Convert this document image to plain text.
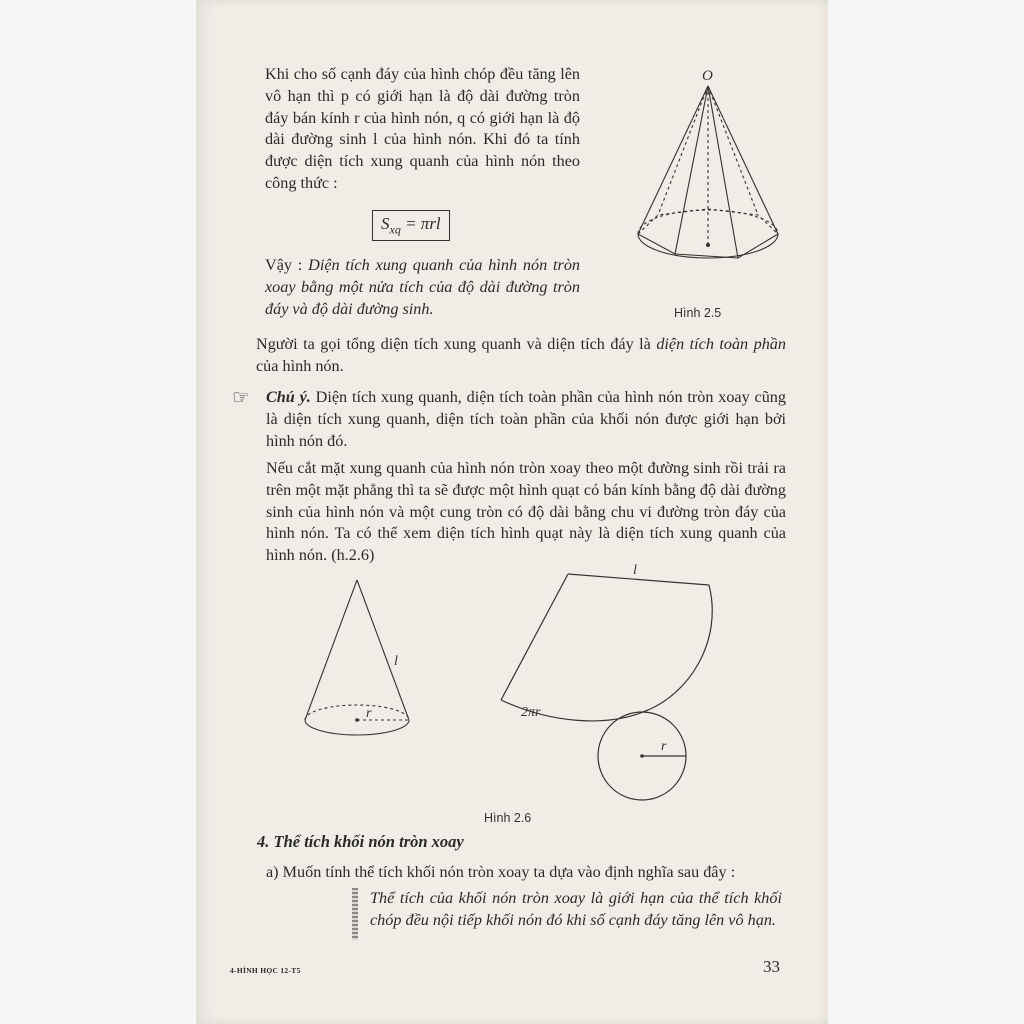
Khi cho số cạnh đáy của hình chóp đều tăng lên vô hạn thì p có giới hạn là độ dài đường tròn đáy bán kính r của hình nón, q có giới hạn là độ dài đường sinh l của hình nón. Khi đó ta tính được diện tích xung quanh của hình nón theo công thức :

$S_{xq} = \pi rl$

Vậy : Diện tích xung quanh của hình nón tròn xoay bằng một nửa tích của độ dài đường tròn đáy và độ dài đường sinh.

O
Hình 2.5

Người ta gọi tổng diện tích xung quanh và diện tích đáy là diện tích toàn phần của hình nón.

☞ Chú ý. Diện tích xung quanh, diện tích toàn phần của hình nón tròn xoay cũng là diện tích xung quanh, diện tích toàn phần của khối nón được giới hạn bởi hình nón đó.

Nếu cắt mặt xung quanh của hình nón tròn xoay theo một đường sinh rồi trải ra trên một mặt phẳng thì ta sẽ được một hình quạt có bán kính bằng độ dài đường sinh của hình nón và một cung tròn có độ dài bằng chu vi đường tròn đáy của hình nón. Ta có thể xem diện tích hình quạt này là diện tích xung quanh của hình nón. (h.2.6)

l
r
l
2πr
r
Hình 2.6
4. Thể tích khối nón tròn xoay

a) Muốn tính thể tích khối nón tròn xoay ta dựa vào định nghĩa sau đây :

Thể tích của khối nón tròn xoay là giới hạn của thể tích khối chóp đều nội tiếp khối nón đó khi số cạnh đáy tăng lên vô hạn.

4-HÌNH HỌC 12-T5	33
